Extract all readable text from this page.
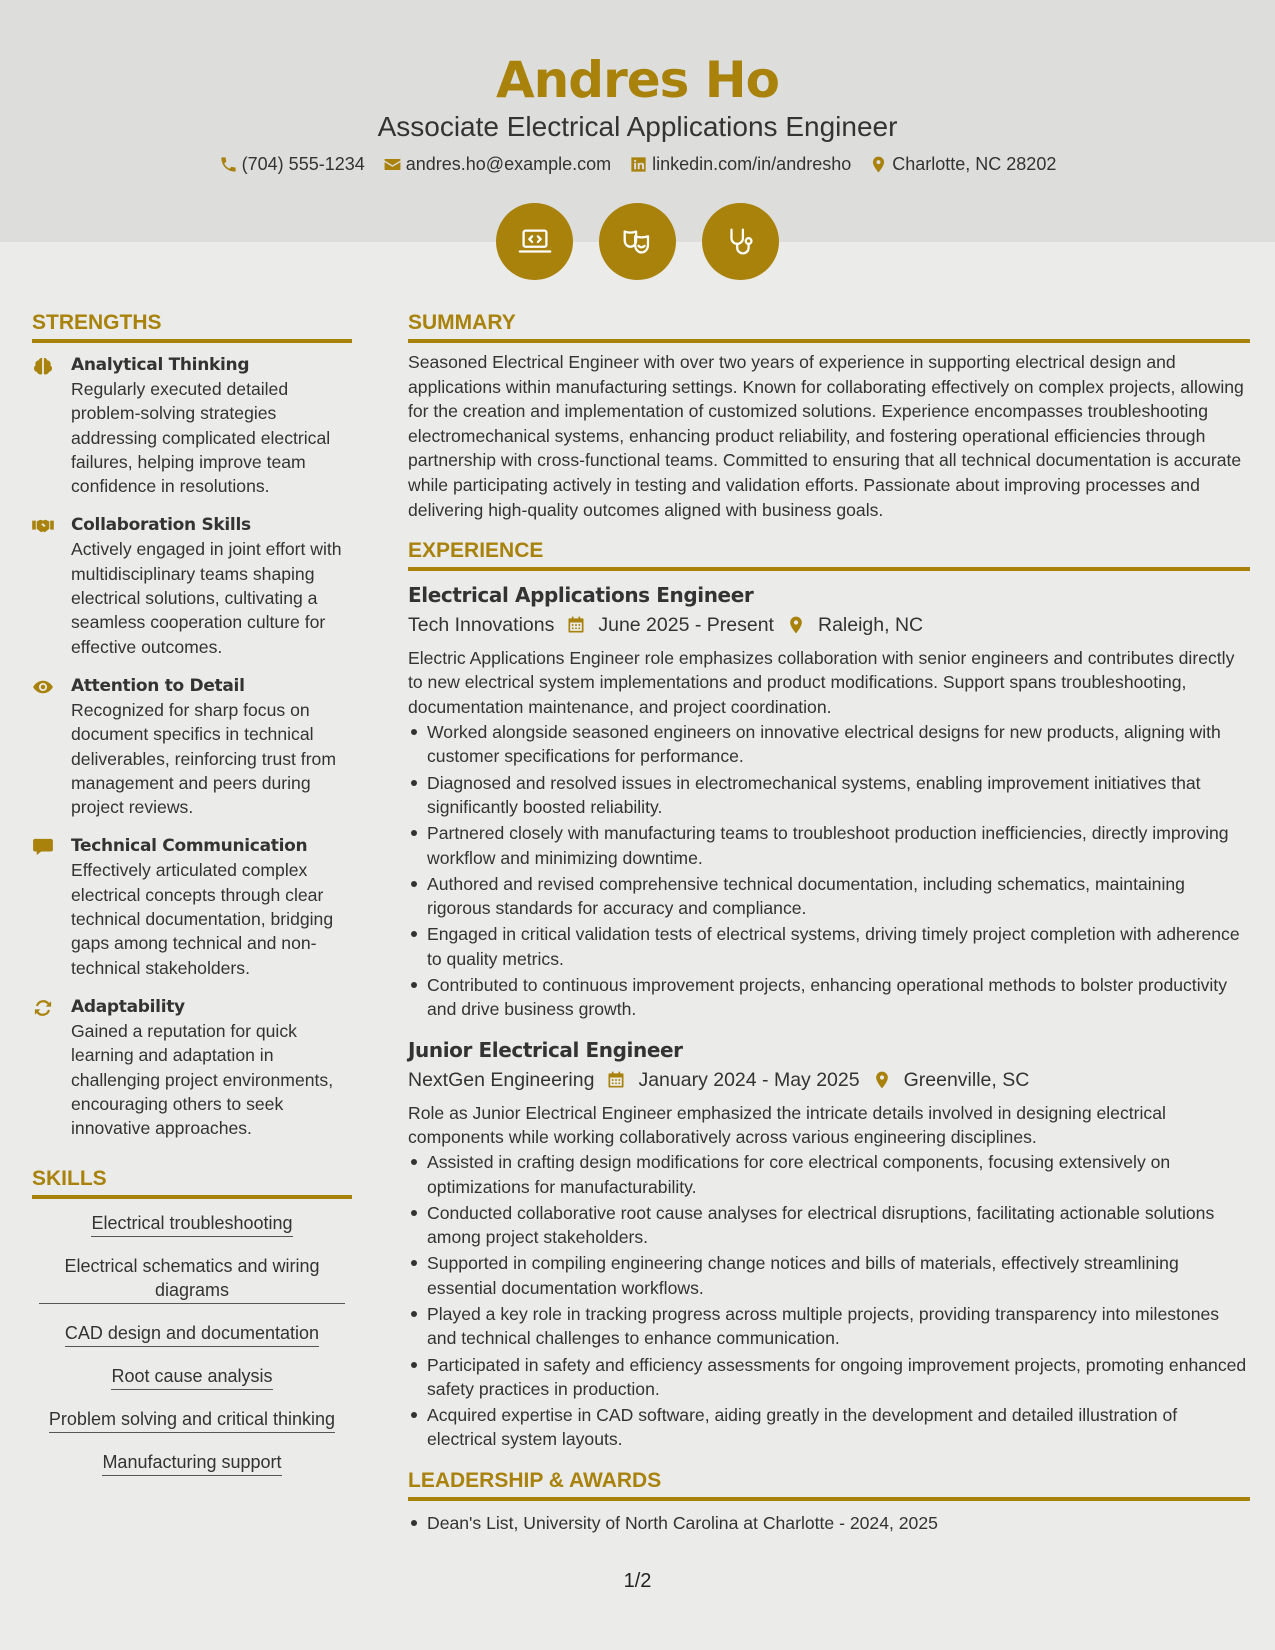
Andres Ho
Associate Electrical Applications Engineer
(704) 555-1234 andres.ho@example.com linkedin.com/in/andresho Charlotte, NC 28202
STRENGTHS
Analytical Thinking
Regularly executed detailed problem-solving strategies addressing complicated electrical failures, helping improve team confidence in resolutions.
Collaboration Skills
Actively engaged in joint effort with multidisciplinary teams shaping electrical solutions, cultivating a seamless cooperation culture for effective outcomes.
Attention to Detail
Recognized for sharp focus on document specifics in technical deliverables, reinforcing trust from management and peers during project reviews.
Technical Communication
Effectively articulated complex electrical concepts through clear technical documentation, bridging gaps among technical and non-technical stakeholders.
Adaptability
Gained a reputation for quick learning and adaptation in challenging project environments, encouraging others to seek innovative approaches.
SKILLS
Electrical troubleshooting
Electrical schematics and wiring diagrams
CAD design and documentation
Root cause analysis
Problem solving and critical thinking
Manufacturing support
SUMMARY
Seasoned Electrical Engineer with over two years of experience in supporting electrical design and applications within manufacturing settings. Known for collaborating effectively on complex projects, allowing for the creation and implementation of customized solutions. Experience encompasses troubleshooting electromechanical systems, enhancing product reliability, and fostering operational efficiencies through partnership with cross-functional teams. Committed to ensuring that all technical documentation is accurate while participating actively in testing and validation efforts. Passionate about improving processes and delivering high-quality outcomes aligned with business goals.
EXPERIENCE
Electrical Applications Engineer
Tech Innovations June 2025 - Present Raleigh, NC
Electric Applications Engineer role emphasizes collaboration with senior engineers and contributes directly to new electrical system implementations and product modifications. Support spans troubleshooting, documentation maintenance, and project coordination.
Worked alongside seasoned engineers on innovative electrical designs for new products, aligning with customer specifications for performance.
Diagnosed and resolved issues in electromechanical systems, enabling improvement initiatives that significantly boosted reliability.
Partnered closely with manufacturing teams to troubleshoot production inefficiencies, directly improving workflow and minimizing downtime.
Authored and revised comprehensive technical documentation, including schematics, maintaining rigorous standards for accuracy and compliance.
Engaged in critical validation tests of electrical systems, driving timely project completion with adherence to quality metrics.
Contributed to continuous improvement projects, enhancing operational methods to bolster productivity and drive business growth.
Junior Electrical Engineer
NextGen Engineering January 2024 - May 2025 Greenville, SC
Role as Junior Electrical Engineer emphasized the intricate details involved in designing electrical components while working collaboratively across various engineering disciplines.
Assisted in crafting design modifications for core electrical components, focusing extensively on optimizations for manufacturability.
Conducted collaborative root cause analyses for electrical disruptions, facilitating actionable solutions among project stakeholders.
Supported in compiling engineering change notices and bills of materials, effectively streamlining essential documentation workflows.
Played a key role in tracking progress across multiple projects, providing transparency into milestones and technical challenges to enhance communication.
Participated in safety and efficiency assessments for ongoing improvement projects, promoting enhanced safety practices in production.
Acquired expertise in CAD software, aiding greatly in the development and detailed illustration of electrical system layouts.
LEADERSHIP & AWARDS
Dean's List, University of North Carolina at Charlotte - 2024, 2025
1/2
